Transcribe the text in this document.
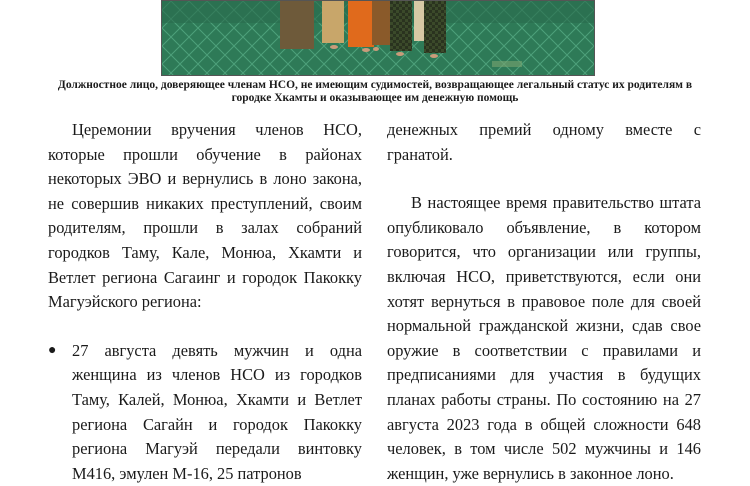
Должностное лицо, доверяющее членам НСО, не имеющим судимостей, возвращающее легальный статус их родителям в городке Хкамты и оказывающее им денежную помощь

Церемонии вручения членов НСО, которые прошли обучение в районах некоторых ЭВО и вернулись в лоно закона, не совершив никаких преступлений, своим родителям, прошли в залах собраний городков Таму, Кале, Монюа, Хкамти и Ветлет региона Сагаинг и городок Пакокку Магуэйского региона:

● 27 августа девять мужчин и одна женщина из членов НСО из городков Таму, Калей, Монюа, Хкамти и Ветлет региона Сагайн и городок Пакокку региона Магуэй передали винтовку М416, эмулен М-16, 25 патронов

денежных премий одному вместе с гранатой.

В настоящее время правительство штата опубликовало объявление, в котором говорится, что организации или группы, включая НСО, приветствуются, если они хотят вернуться в правовое поле для своей нормальной гражданской жизни, сдав свое оружие в соответствии с правилами и предписаниями для участия в будущих планах работы страны. По состоянию на 27 августа 2023 года в общей сложности 648 человек, в том числе 502 мужчины и 146 женщин, уже вернулись в законное лоно.
